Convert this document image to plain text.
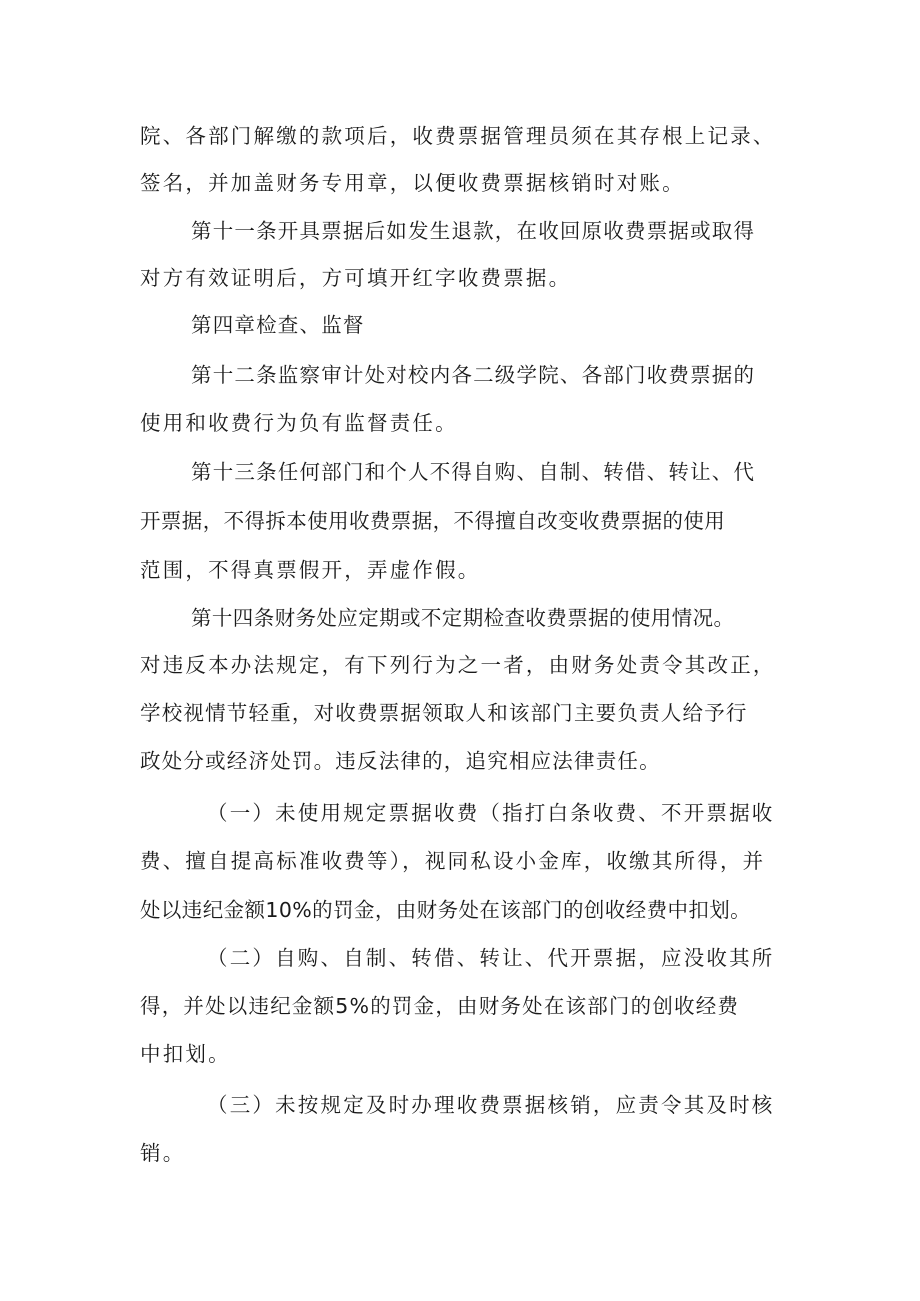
院、各部门解缴的款项后，收费票据管理员须在其存根上记录、
签名，并加盖财务专用章，以便收费票据核销时对账。
第十一条开具票据后如发生退款，在收回原收费票据或取得
对方有效证明后，方可填开红字收费票据。
第四章检查、监督
第十二条监察审计处对校内各二级学院、各部门收费票据的
使用和收费行为负有监督责任。
第十三条任何部门和个人不得自购、自制、转借、转让、代
开票据，不得拆本使用收费票据，不得擅自改变收费票据的使用
范围，不得真票假开，弄虚作假。
第十四条财务处应定期或不定期检查收费票据的使用情况。
对违反本办法规定，有下列行为之一者，由财务处责令其改正，
学校视情节轻重，对收费票据领取人和该部门主要负责人给予行
政处分或经济处罚。违反法律的，追究相应法律责任。
（一）未使用规定票据收费（指打白条收费、不开票据收
费、擅自提高标准收费等），视同私设小金库，收缴其所得，并
处以违纪金额10%的罚金，由财务处在该部门的创收经费中扣划。
（二）自购、自制、转借、转让、代开票据，应没收其所
得，并处以违纪金额5%的罚金，由财务处在该部门的创收经费
中扣划。
（三）未按规定及时办理收费票据核销，应责令其及时核
销。
